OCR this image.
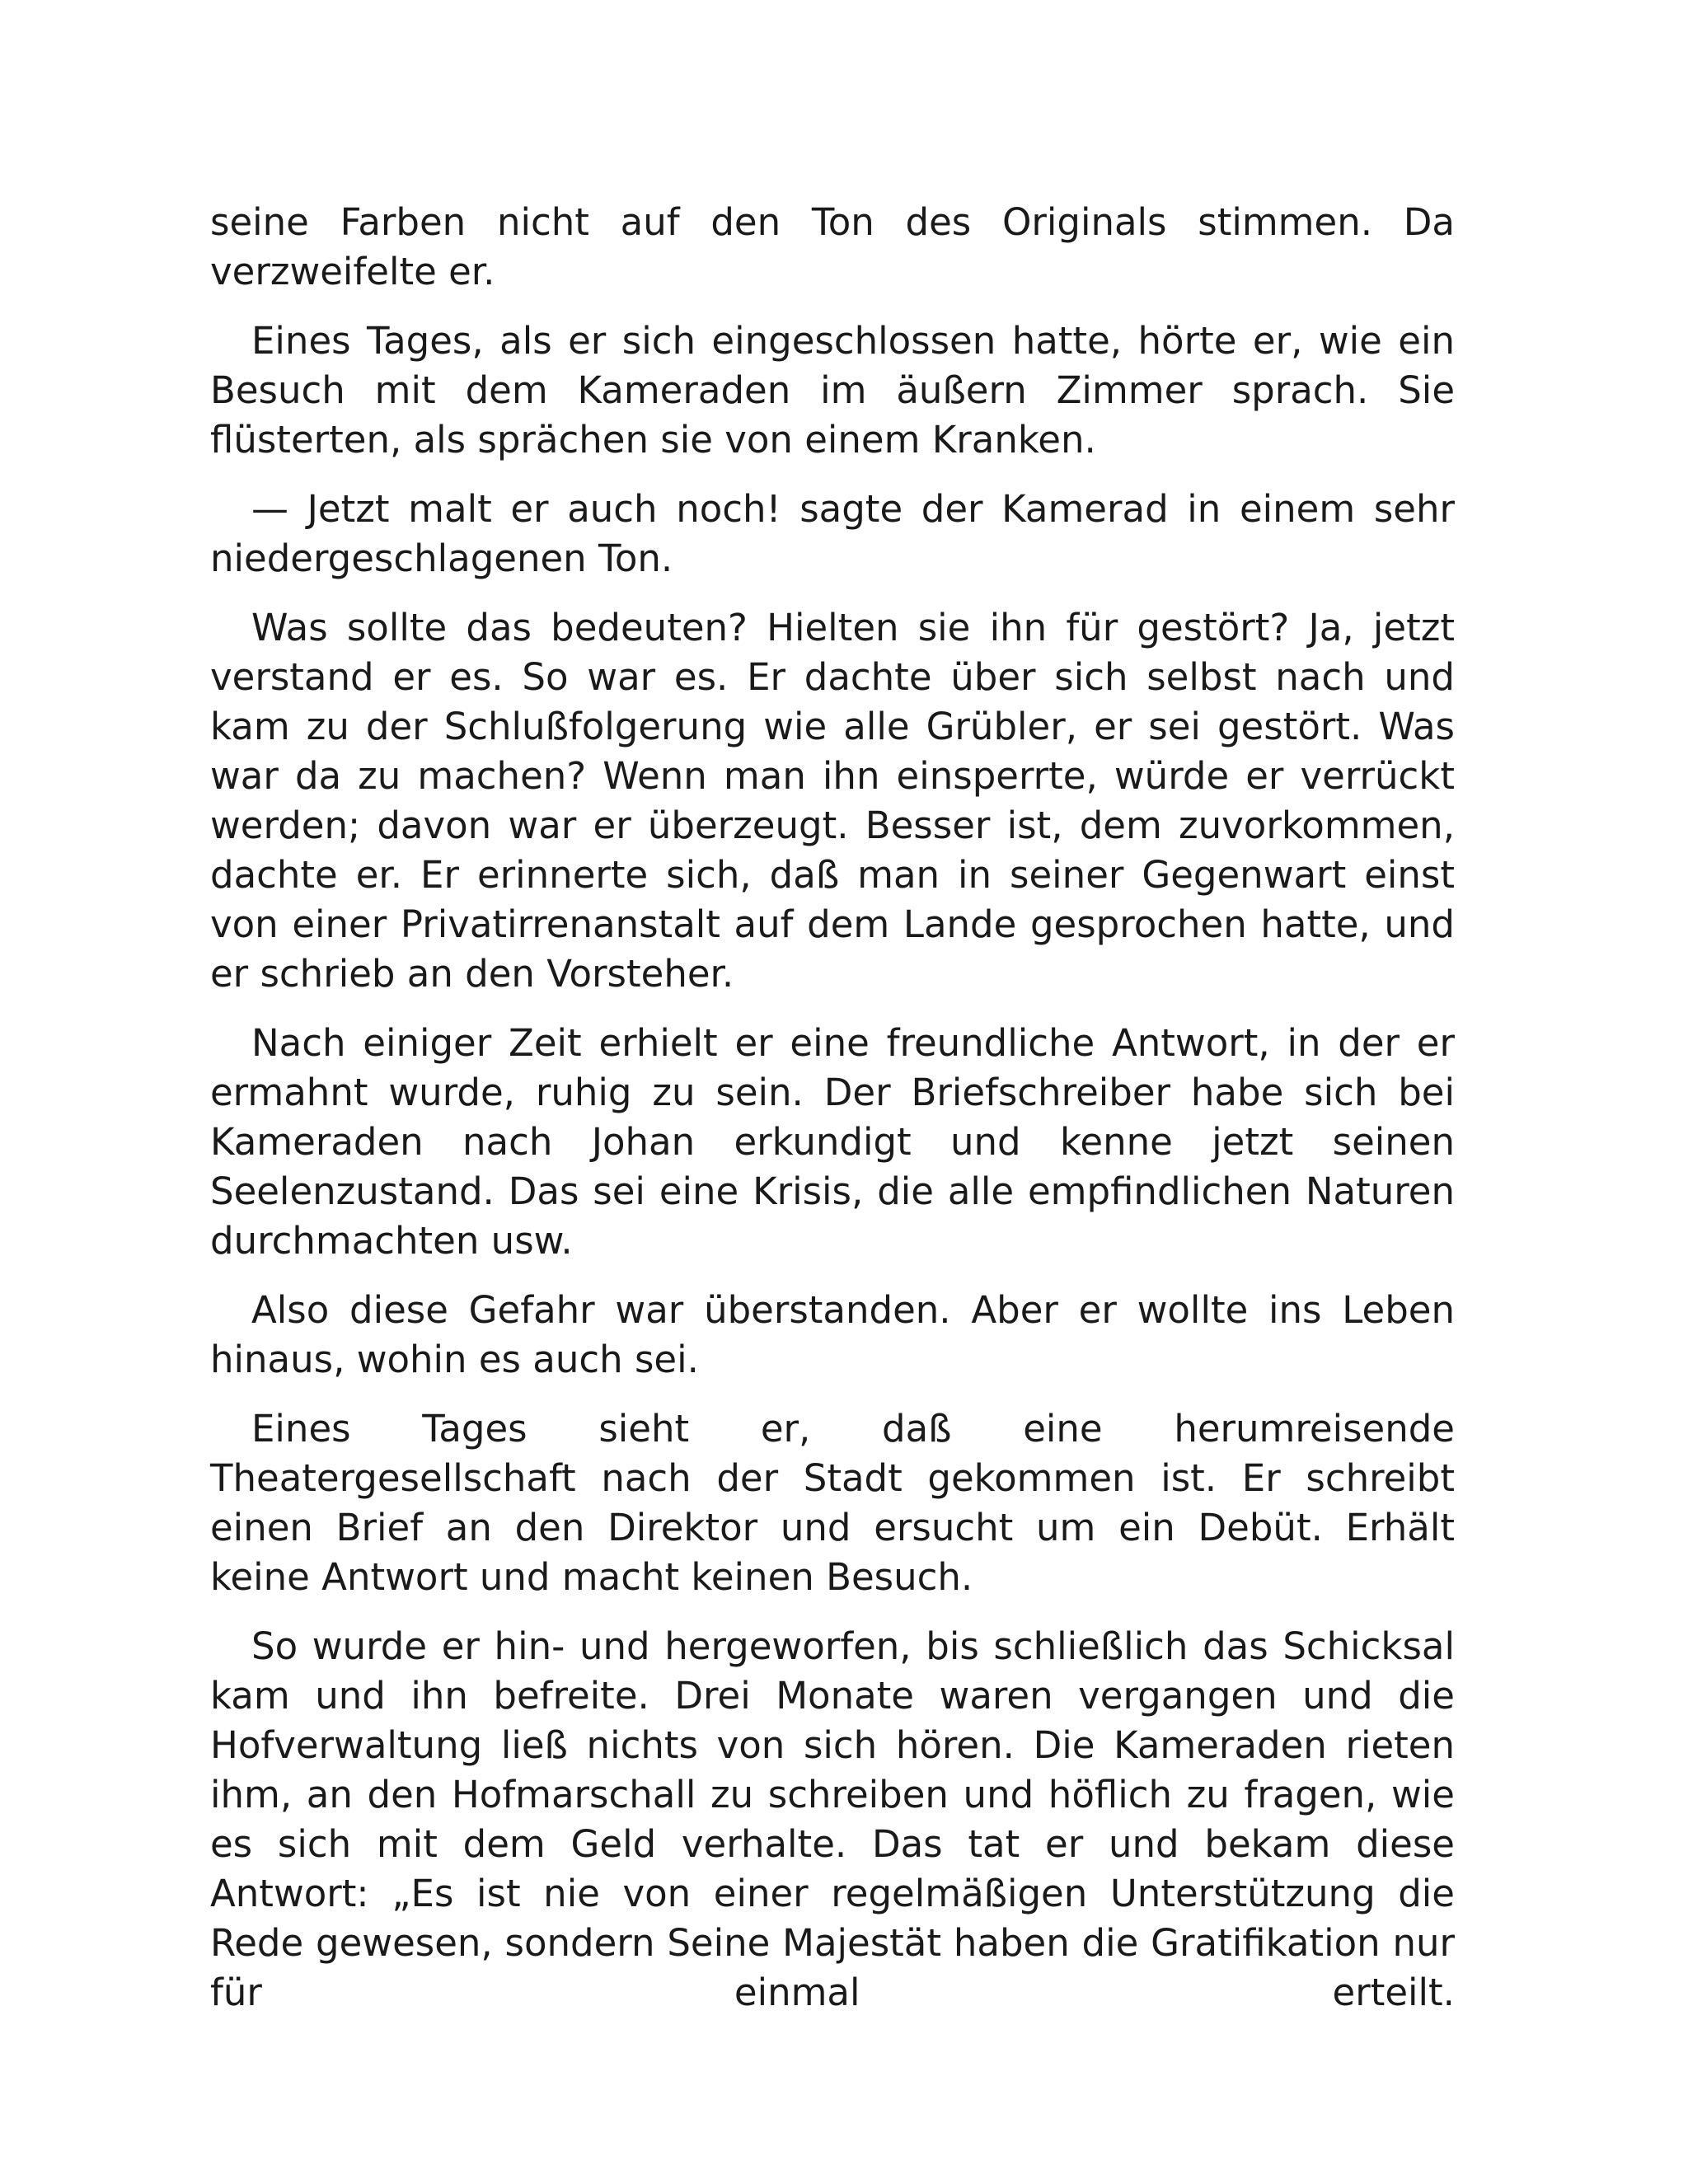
seine Farben nicht auf den Ton des Originals stimmen. Da verzweifelte er.

Eines Tages, als er sich eingeschlossen hatte, hörte er, wie ein Besuch mit dem Kameraden im äußern Zimmer sprach. Sie flüsterten, als sprächen sie von einem Kranken.

— Jetzt malt er auch noch! sagte der Kamerad in einem sehr niedergeschlagenen Ton.

Was sollte das bedeuten? Hielten sie ihn für gestört? Ja, jetzt verstand er es. So war es. Er dachte über sich selbst nach und kam zu der Schlußfolgerung wie alle Grübler, er sei gestört. Was war da zu machen? Wenn man ihn einsperrte, würde er verrückt werden; davon war er überzeugt. Besser ist, dem zuvorkommen, dachte er. Er erinnerte sich, daß man in seiner Gegenwart einst von einer Privatirrenanstalt auf dem Lande gesprochen hatte, und er schrieb an den Vorsteher.

Nach einiger Zeit erhielt er eine freundliche Antwort, in der er ermahnt wurde, ruhig zu sein. Der Briefschreiber habe sich bei Kameraden nach Johan erkundigt und kenne jetzt seinen Seelenzustand. Das sei eine Krisis, die alle empfindlichen Naturen durchmachten usw.

Also diese Gefahr war überstanden. Aber er wollte ins Leben hinaus, wohin es auch sei.

Eines Tages sieht er, daß eine herumreisende Theatergesellschaft nach der Stadt gekommen ist. Er schreibt einen Brief an den Direktor und ersucht um ein Debüt. Erhält keine Antwort und macht keinen Besuch.

So wurde er hin- und hergeworfen, bis schließlich das Schicksal kam und ihn befreite. Drei Monate waren vergangen und die Hofverwaltung ließ nichts von sich hören. Die Kameraden rieten ihm, an den Hofmarschall zu schreiben und höflich zu fragen, wie es sich mit dem Geld verhalte. Das tat er und bekam diese Antwort: „Es ist nie von einer regelmäßigen Unterstützung die Rede gewesen, sondern Seine Majestät haben die Gratifikation nur für einmal erteilt.
